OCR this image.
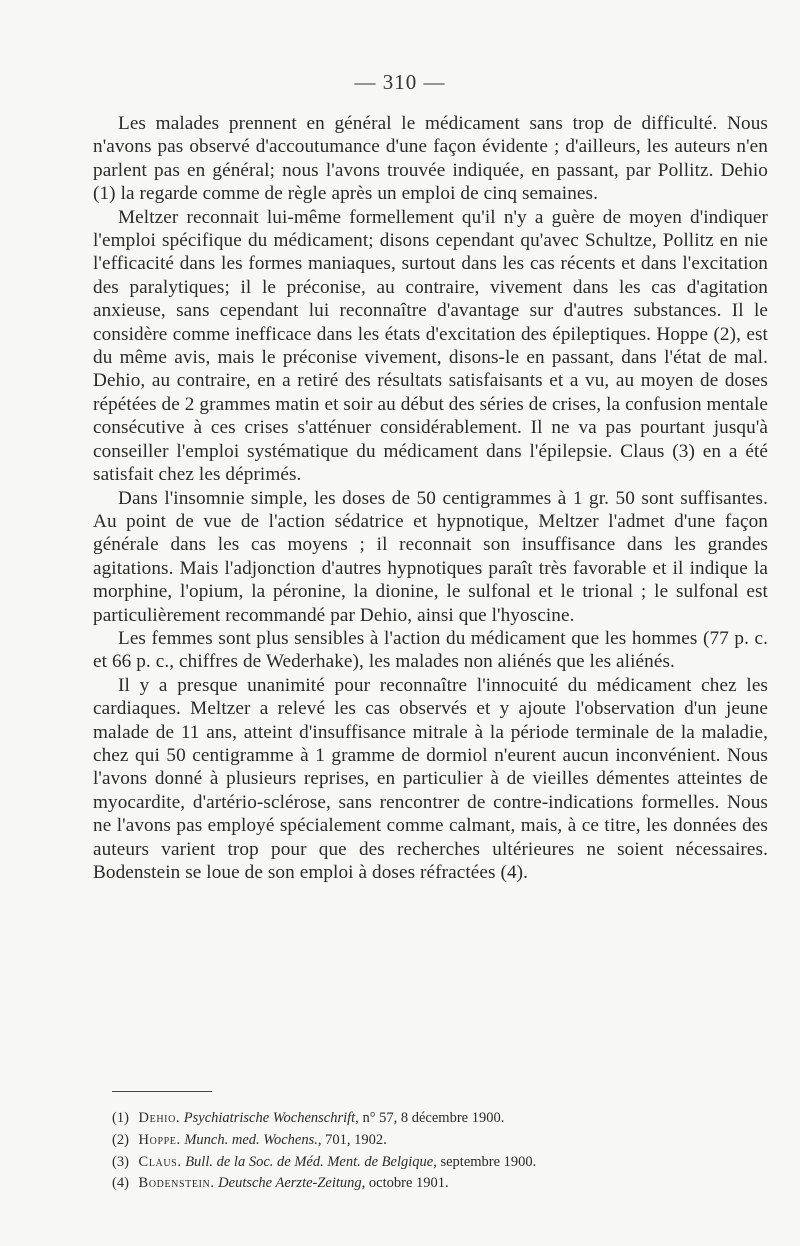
— 310 —

Les malades prennent en général le médicament sans trop de difficulté. Nous n'avons pas observé d'accoutumance d'une façon évidente ; d'ailleurs, les auteurs n'en parlent pas en général; nous l'avons trouvée indiquée, en passant, par Pollitz. Dehio (1) la regarde comme de règle après un emploi de cinq semaines.

Meltzer reconnait lui-même formellement qu'il n'y a guère de moyen d'indiquer l'emploi spécifique du médicament; disons cependant qu'avec Schultze, Pollitz en nie l'efficacité dans les formes maniaques, surtout dans les cas récents et dans l'excitation des paralytiques; il le préconise, au contraire, vivement dans les cas d'agitation anxieuse, sans cependant lui reconnaître d'avantage sur d'autres substances. Il le considère comme inefficace dans les états d'excitation des épileptiques. Hoppe (2), est du même avis, mais le préconise vivement, disons-le en passant, dans l'état de mal. Dehio, au contraire, en a retiré des résultats satisfaisants et a vu, au moyen de doses répétées de 2 grammes matin et soir au début des séries de crises, la confusion mentale consécutive à ces crises s'atténuer considérablement. Il ne va pas pourtant jusqu'à conseiller l'emploi systématique du médicament dans l'épilepsie. Claus (3) en a été satisfait chez les déprimés.

Dans l'insomnie simple, les doses de 50 centigrammes à 1 gr. 50 sont suffisantes. Au point de vue de l'action sédatrice et hypnotique, Meltzer l'admet d'une façon générale dans les cas moyens ; il reconnait son insuffisance dans les grandes agitations. Mais l'adjonction d'autres hypnotiques paraît très favorable et il indique la morphine, l'opium, la péronine, la dionine, le sulfonal et le trional ; le sulfonal est particulièrement recommandé par Dehio, ainsi que l'hyoscine.

Les femmes sont plus sensibles à l'action du médicament que les hommes (77 p. c. et 66 p. c., chiffres de Wederhake), les malades non aliénés que les aliénés.

Il y a presque unanimité pour reconnaître l'innocuité du médicament chez les cardiaques. Meltzer a relevé les cas observés et y ajoute l'observation d'un jeune malade de 11 ans, atteint d'insuffisance mitrale à la période terminale de la maladie, chez qui 50 centigramme à 1 gramme de dormiol n'eurent aucun inconvénient. Nous l'avons donné à plusieurs reprises, en particulier à de vieilles démentes atteintes de myocardite, d'artério-sclérose, sans rencontrer de contre-indications formelles. Nous ne l'avons pas employé spécialement comme calmant, mais, à ce titre, les données des auteurs varient trop pour que des recherches ultérieures ne soient nécessaires. Bodenstein se loue de son emploi à doses réfractées (4).

(1) Dehio. Psychiatrische Wochenschrift, n° 57, 8 décembre 1900.
(2) Hoppe. Munch. med. Wochens., 701, 1902.
(3) Claus. Bull. de la Soc. de Méd. Ment. de Belgique, septembre 1900.
(4) Bodenstein. Deutsche Aerzte-Zeitung, octobre 1901.
